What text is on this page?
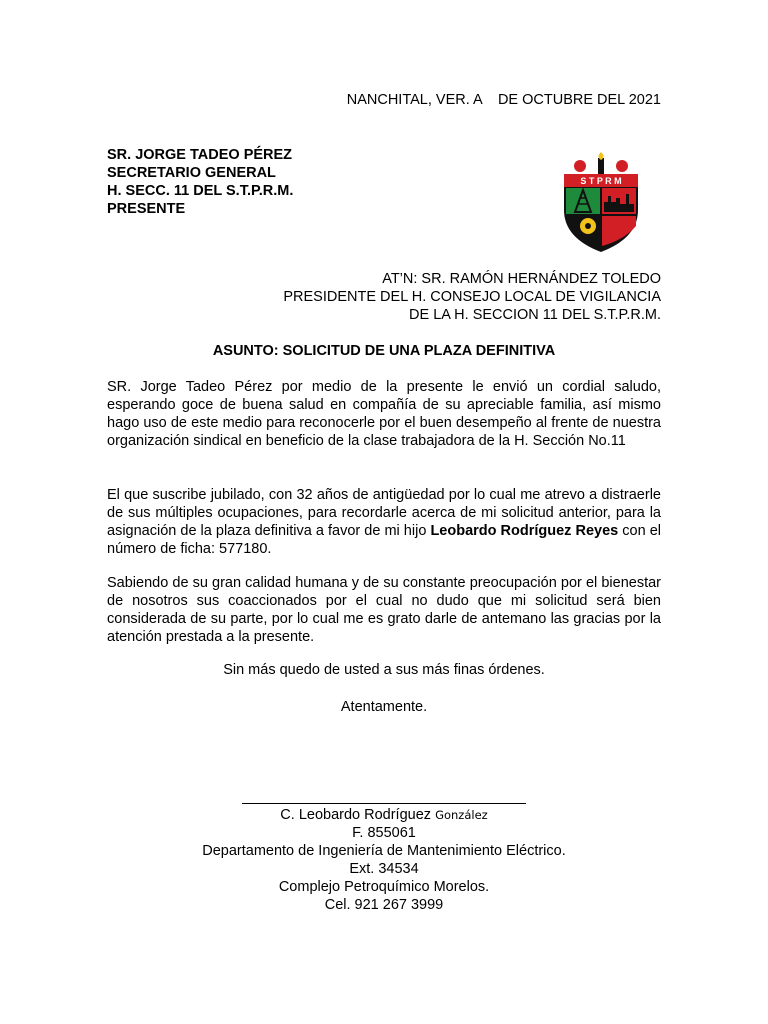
NANCHITAL, VER. A    DE OCTUBRE DEL 2021
SR. JORGE TADEO PÉREZ
SECRETARIO GENERAL
H. SECC. 11 DEL S.T.P.R.M.
PRESENTE
S T P R M
AT’N: SR. RAMÓN HERNÁNDEZ TOLEDO
PRESIDENTE DEL H. CONSEJO LOCAL DE VIGILANCIA
DE LA H. SECCION 11 DEL S.T.P.R.M.
ASUNTO: SOLICITUD DE UNA PLAZA DEFINITIVA
SR. Jorge Tadeo Pérez por medio de la presente le envió un cordial saludo, esperando goce de buena salud en compañía de su apreciable familia, así mismo hago uso de este medio para reconocerle por el buen desempeño al frente de nuestra organización sindical en beneficio de la clase trabajadora de la H. Sección No.11
El que suscribe jubilado, con 32 años de antigüedad por lo cual me atrevo a distraerle de sus múltiples ocupaciones, para recordarle acerca de mi solicitud anterior, para la asignación de la plaza definitiva a favor de mi hijo Leobardo Rodríguez Reyes con el número de ficha: 577180.
Sabiendo de su gran calidad humana y de su constante preocupación por el bienestar de nosotros sus coaccionados por el cual no dudo que mi solicitud será bien considerada de su parte, por lo cual me es grato darle de antemano las gracias por la atención prestada a la presente.
Sin más quedo de usted a sus más finas órdenes.
Atentamente.
C. Leobardo Rodríguez González
F. 855061
Departamento de Ingeniería de Mantenimiento Eléctrico.
Ext. 34534
Complejo Petroquímico Morelos.
Cel. 921 267 3999
